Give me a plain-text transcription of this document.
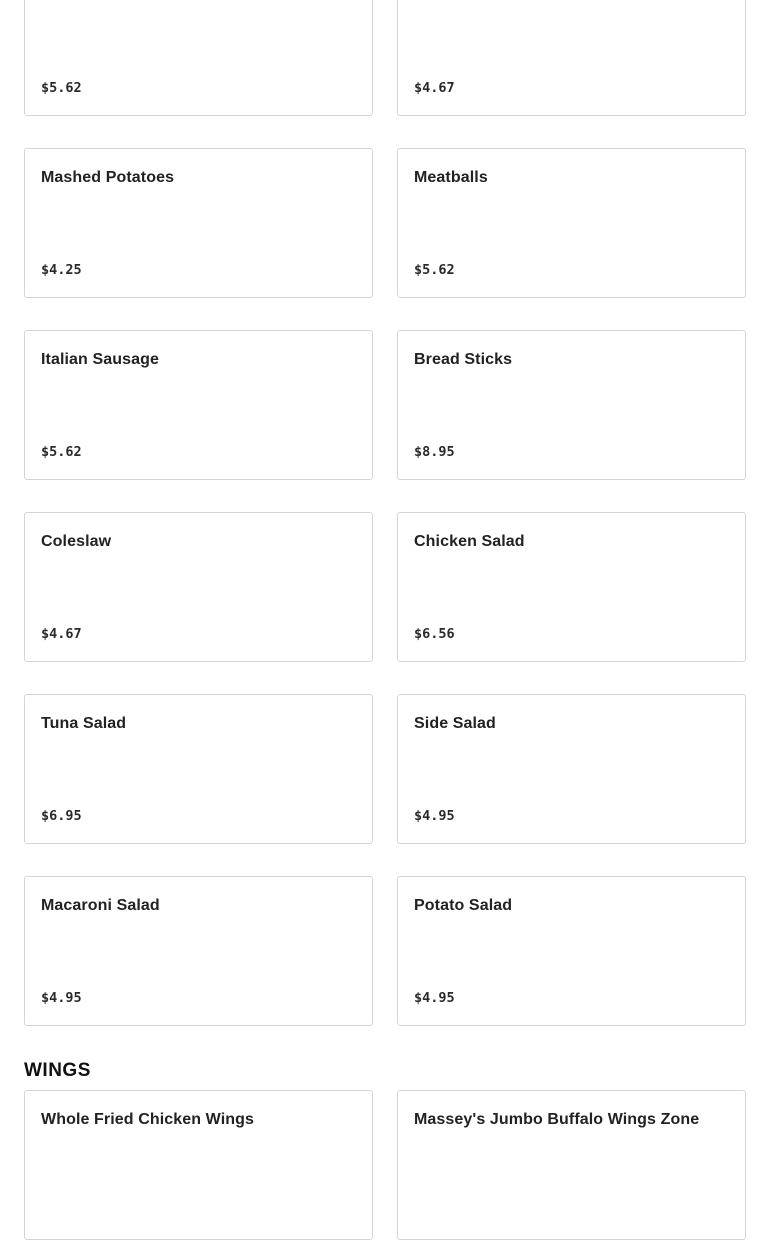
$5.62	$4.67
Mashed Potatoes
$4.25
Meatballs
$5.62
Italian Sausage
$5.62
Bread Sticks
$8.95
Coleslaw
$4.67
Chicken Salad
$6.56
Tuna Salad
$6.95
Side Salad
$4.95
Macaroni Salad
$4.95
Potato Salad
$4.95
WINGS
Whole Fried Chicken Wings	Massey's Jumbo Buffalo Wings Zone
